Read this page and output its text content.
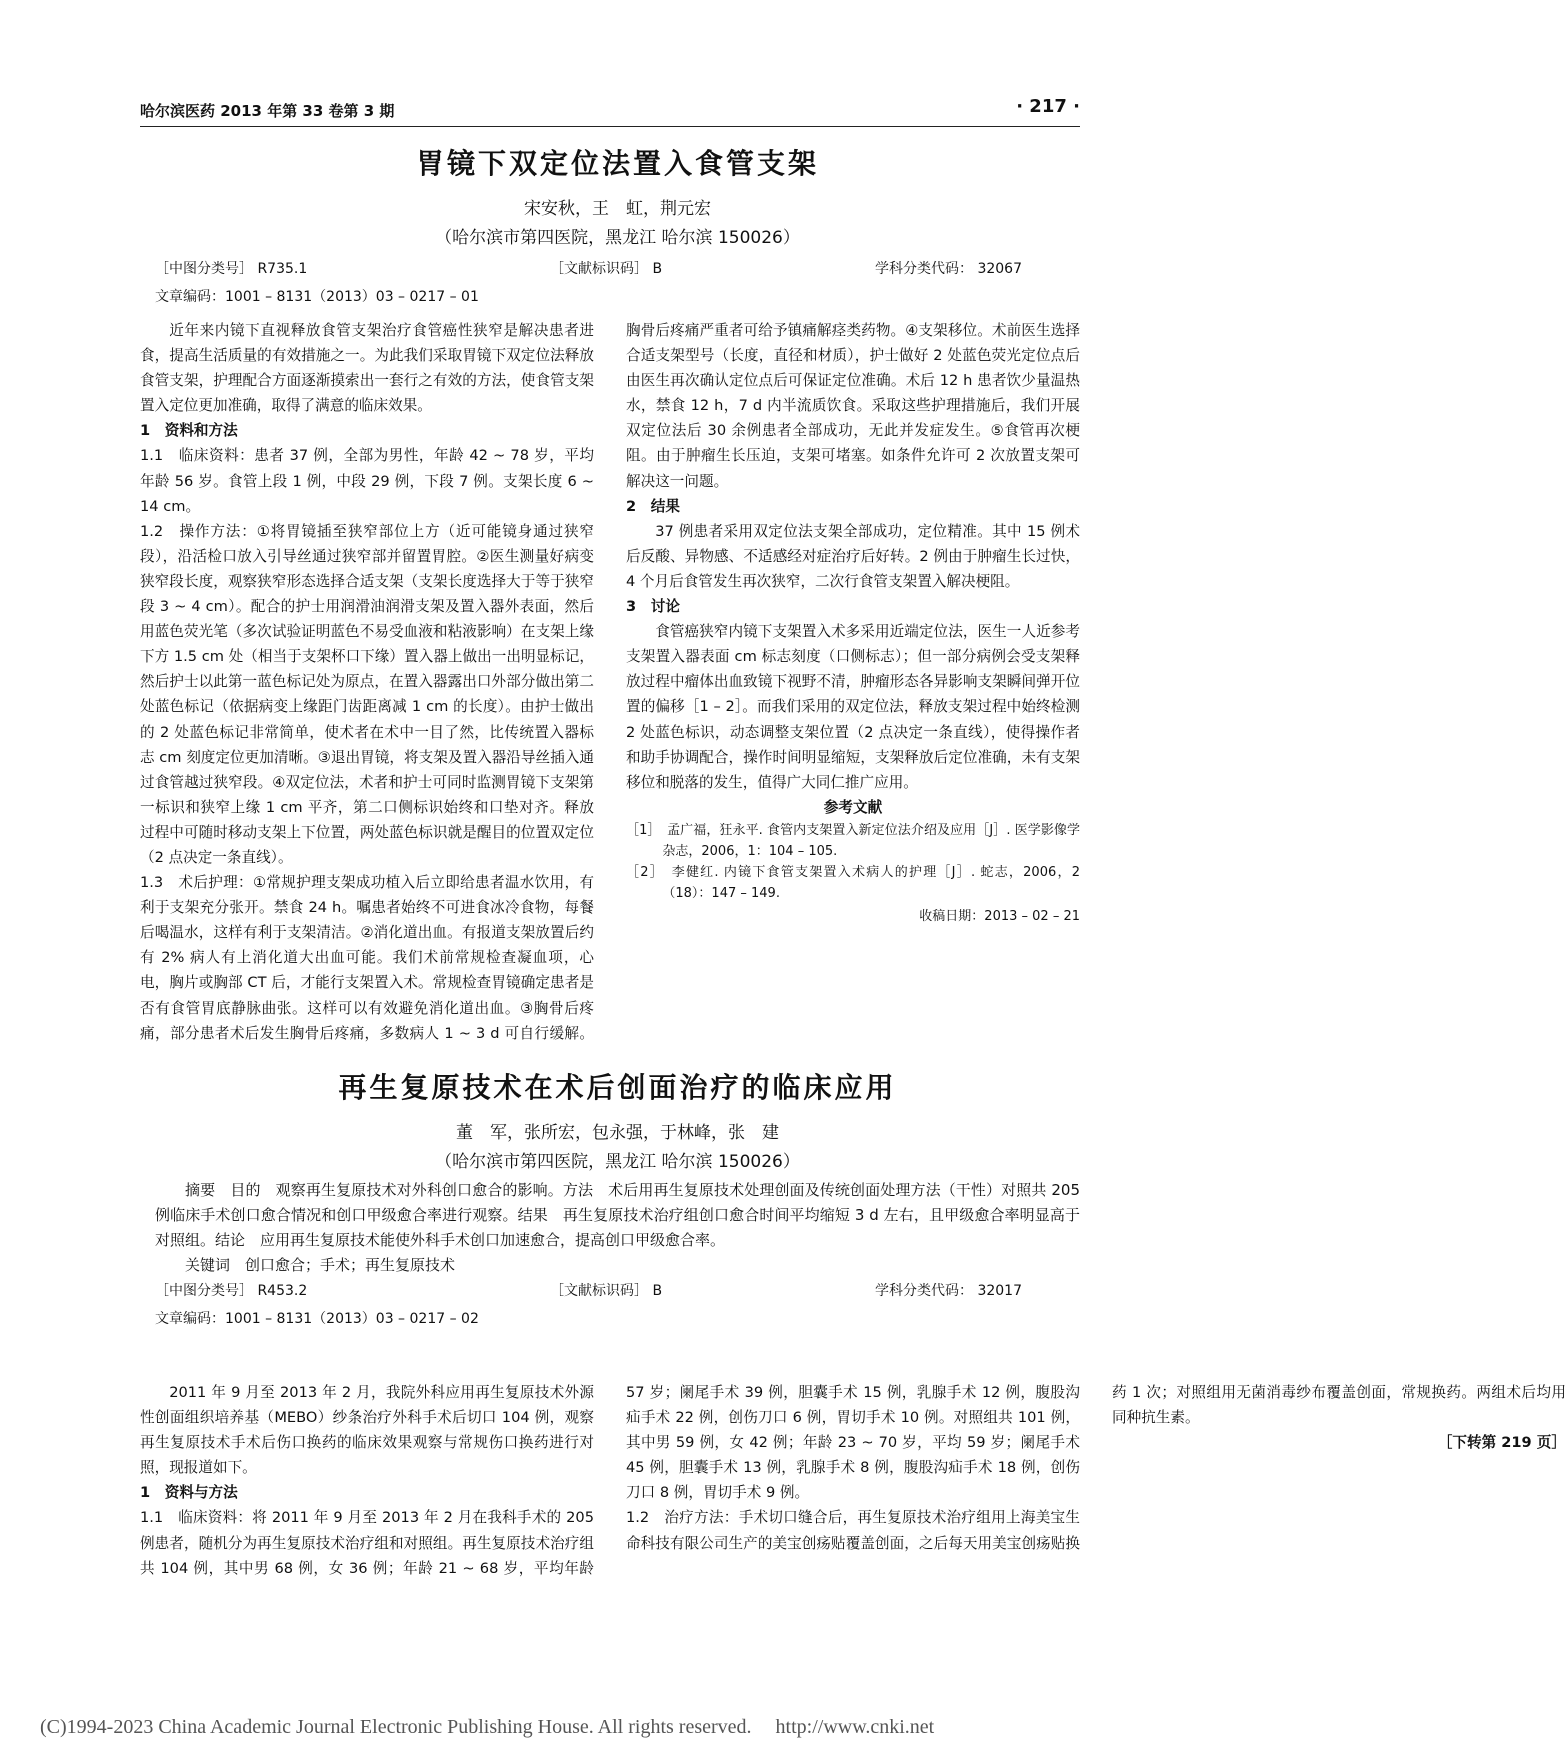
哈尔滨医药 2013 年第 33 卷第 3 期	· 217 ·
胃镜下双定位法置入食管支架
宋安秋，王　虹，荆元宏
（哈尔滨市第四医院，黑龙江 哈尔滨 150026）
［中图分类号］ R735.1	［文献标识码］ B	学科分类代码： 32067
文章编码：1001 – 8131（2013）03 – 0217 – 01

近年来内镜下直视释放食管支架治疗食管癌性狭窄是解决患者进食，提高生活质量的有效措施之一。为此我们采取胃镜下双定位法释放食管支架，护理配合方面逐渐摸索出一套行之有效的方法，使食管支架置入定位更加准确，取得了满意的临床效果。

1　资料和方法

1.1　临床资料：患者 37 例，全部为男性，年龄 42 ~ 78 岁，平均年龄 56 岁。食管上段 1 例，中段 29 例，下段 7 例。支架长度 6 ~ 14 cm。

1.2　操作方法：①将胃镜插至狭窄部位上方（近可能镜身通过狭窄段），沿活检口放入引导丝通过狭窄部并留置胃腔。②医生测量好病变狭窄段长度，观察狭窄形态选择合适支架（支架长度选择大于等于狭窄段 3 ~ 4 cm）。配合的护士用润滑油润滑支架及置入器外表面，然后用蓝色荧光笔（多次试验证明蓝色不易受血液和粘液影响）在支架上缘下方 1.5 cm 处（相当于支架杯口下缘）置入器上做出一出明显标记，然后护士以此第一蓝色标记处为原点，在置入器露出口外部分做出第二处蓝色标记（依据病变上缘距门齿距离减 1 cm 的长度）。由护士做出的 2 处蓝色标记非常简单，使术者在术中一目了然，比传统置入器标志 cm 刻度定位更加清晰。③退出胃镜，将支架及置入器沿导丝插入通过食管越过狭窄段。④双定位法，术者和护士可同时监测胃镜下支架第一标识和狭窄上缘 1 cm 平齐，第二口侧标识始终和口垫对齐。释放过程中可随时移动支架上下位置，两处蓝色标识就是醒目的位置双定位（2 点决定一条直线）。

1.3　术后护理：①常规护理支架成功植入后立即给患者温水饮用，有利于支架充分张开。禁食 24 h。嘱患者始终不可进食冰冷食物，每餐后喝温水，这样有利于支架清洁。②消化道出血。有报道支架放置后约有 2% 病人有上消化道大出血可能。我们术前常规检查凝血项，心电，胸片或胸部 CT 后，才能行支架置入术。常规检查胃镜确定患者是否有食管胃底静脉曲张。这样可以有效避免消化道出血。③胸骨后疼痛，部分患者术后发生胸骨后疼痛，多数病人 1 ~ 3 d 可自行缓解。胸骨后疼痛严重者可给予镇痛解痉类药物。④支架移位。术前医生选择合适支架型号（长度，直径和材质），护士做好 2 处蓝色荧光定位点后由医生再次确认定位点后可保证定位准确。术后 12 h 患者饮少量温热水，禁食 12 h，7 d 内半流质饮食。采取这些护理措施后，我们开展双定位法后 30 余例患者全部成功，无此并发症发生。⑤食管再次梗阻。由于肿瘤生长压迫，支架可堵塞。如条件允许可 2 次放置支架可解决这一问题。

2　结果

37 例患者采用双定位法支架全部成功，定位精准。其中 15 例术后反酸、异物感、不适感经对症治疗后好转。2 例由于肿瘤生长过快，4 个月后食管发生再次狭窄，二次行食管支架置入解决梗阻。

3　讨论

食管癌狭窄内镜下支架置入术多采用近端定位法，医生一人近参考支架置入器表面 cm 标志刻度（口侧标志）；但一部分病例会受支架释放过程中瘤体出血致镜下视野不清，肿瘤形态各异影响支架瞬间弹开位置的偏移［1 – 2］。而我们采用的双定位法，释放支架过程中始终检测 2 处蓝色标识，动态调整支架位置（2 点决定一条直线），使得操作者和助手协调配合，操作时间明显缩短，支架释放后定位准确，未有支架移位和脱落的发生，值得广大同仁推广应用。

参考文献

［1］　孟广福，狂永平. 食管内支架置入新定位法介绍及应用［J］. 医学影像学杂志，2006，1：104 – 105.

［2］　李健红. 内镜下食管支架置入术病人的护理［J］. 蛇志，2006，2（18）：147 – 149.

收稿日期：2013 – 02 – 21

再生复原技术在术后创面治疗的临床应用
董　军，张所宏，包永强，于林峰，张　建
（哈尔滨市第四医院，黑龙江 哈尔滨 150026）

摘要　目的　观察再生复原技术对外科创口愈合的影响。方法　术后用再生复原技术处理创面及传统创面处理方法（干性）对照共 205 例临床手术创口愈合情况和创口甲级愈合率进行观察。结果　再生复原技术治疗组创口愈合时间平均缩短 3 d 左右，且甲级愈合率明显高于对照组。结论　应用再生复原技术能使外科手术创口加速愈合，提高创口甲级愈合率。

关键词　创口愈合；手术；再生复原技术

［中图分类号］ R453.2	［文献标识码］ B	学科分类代码： 32017
文章编码：1001 – 8131（2013）03 – 0217 – 02

2011 年 9 月至 2013 年 2 月，我院外科应用再生复原技术外源性创面组织培养基（MEBO）纱条治疗外科手术后切口 104 例，观察再生复原技术手术后伤口换药的临床效果观察与常规伤口换药进行对照，现报道如下。

1　资料与方法

1.1　临床资料：将 2011 年 9 月至 2013 年 2 月在我科手术的 205 例患者，随机分为再生复原技术治疗组和对照组。再生复原技术治疗组共 104 例，其中男 68 例，女 36 例；年龄 21 ~ 68 岁，平均年龄 57 岁；阑尾手术 39 例，胆囊手术 15 例，乳腺手术 12 例，腹股沟疝手术 22 例，创伤刀口 6 例，胃切手术 10 例。对照组共 101 例，其中男 59 例，女 42 例；年龄 23 ~ 70 岁，平均 59 岁；阑尾手术 45 例，胆囊手术 13 例，乳腺手术 8 例，腹股沟疝手术 18 例，创伤刀口 8 例，胃切手术 9 例。

1.2　治疗方法：手术切口缝合后，再生复原技术治疗组用上海美宝生命科技有限公司生产的美宝创疡贴覆盖创面，之后每天用美宝创疡贴换药 1 次；对照组用无菌消毒纱布覆盖创面，常规换药。两组术后均用同种抗生素。

［下转第 219 页］

(C)1994-2023 China Academic Journal Electronic Publishing House. All rights reserved. http://www.cnki.net
